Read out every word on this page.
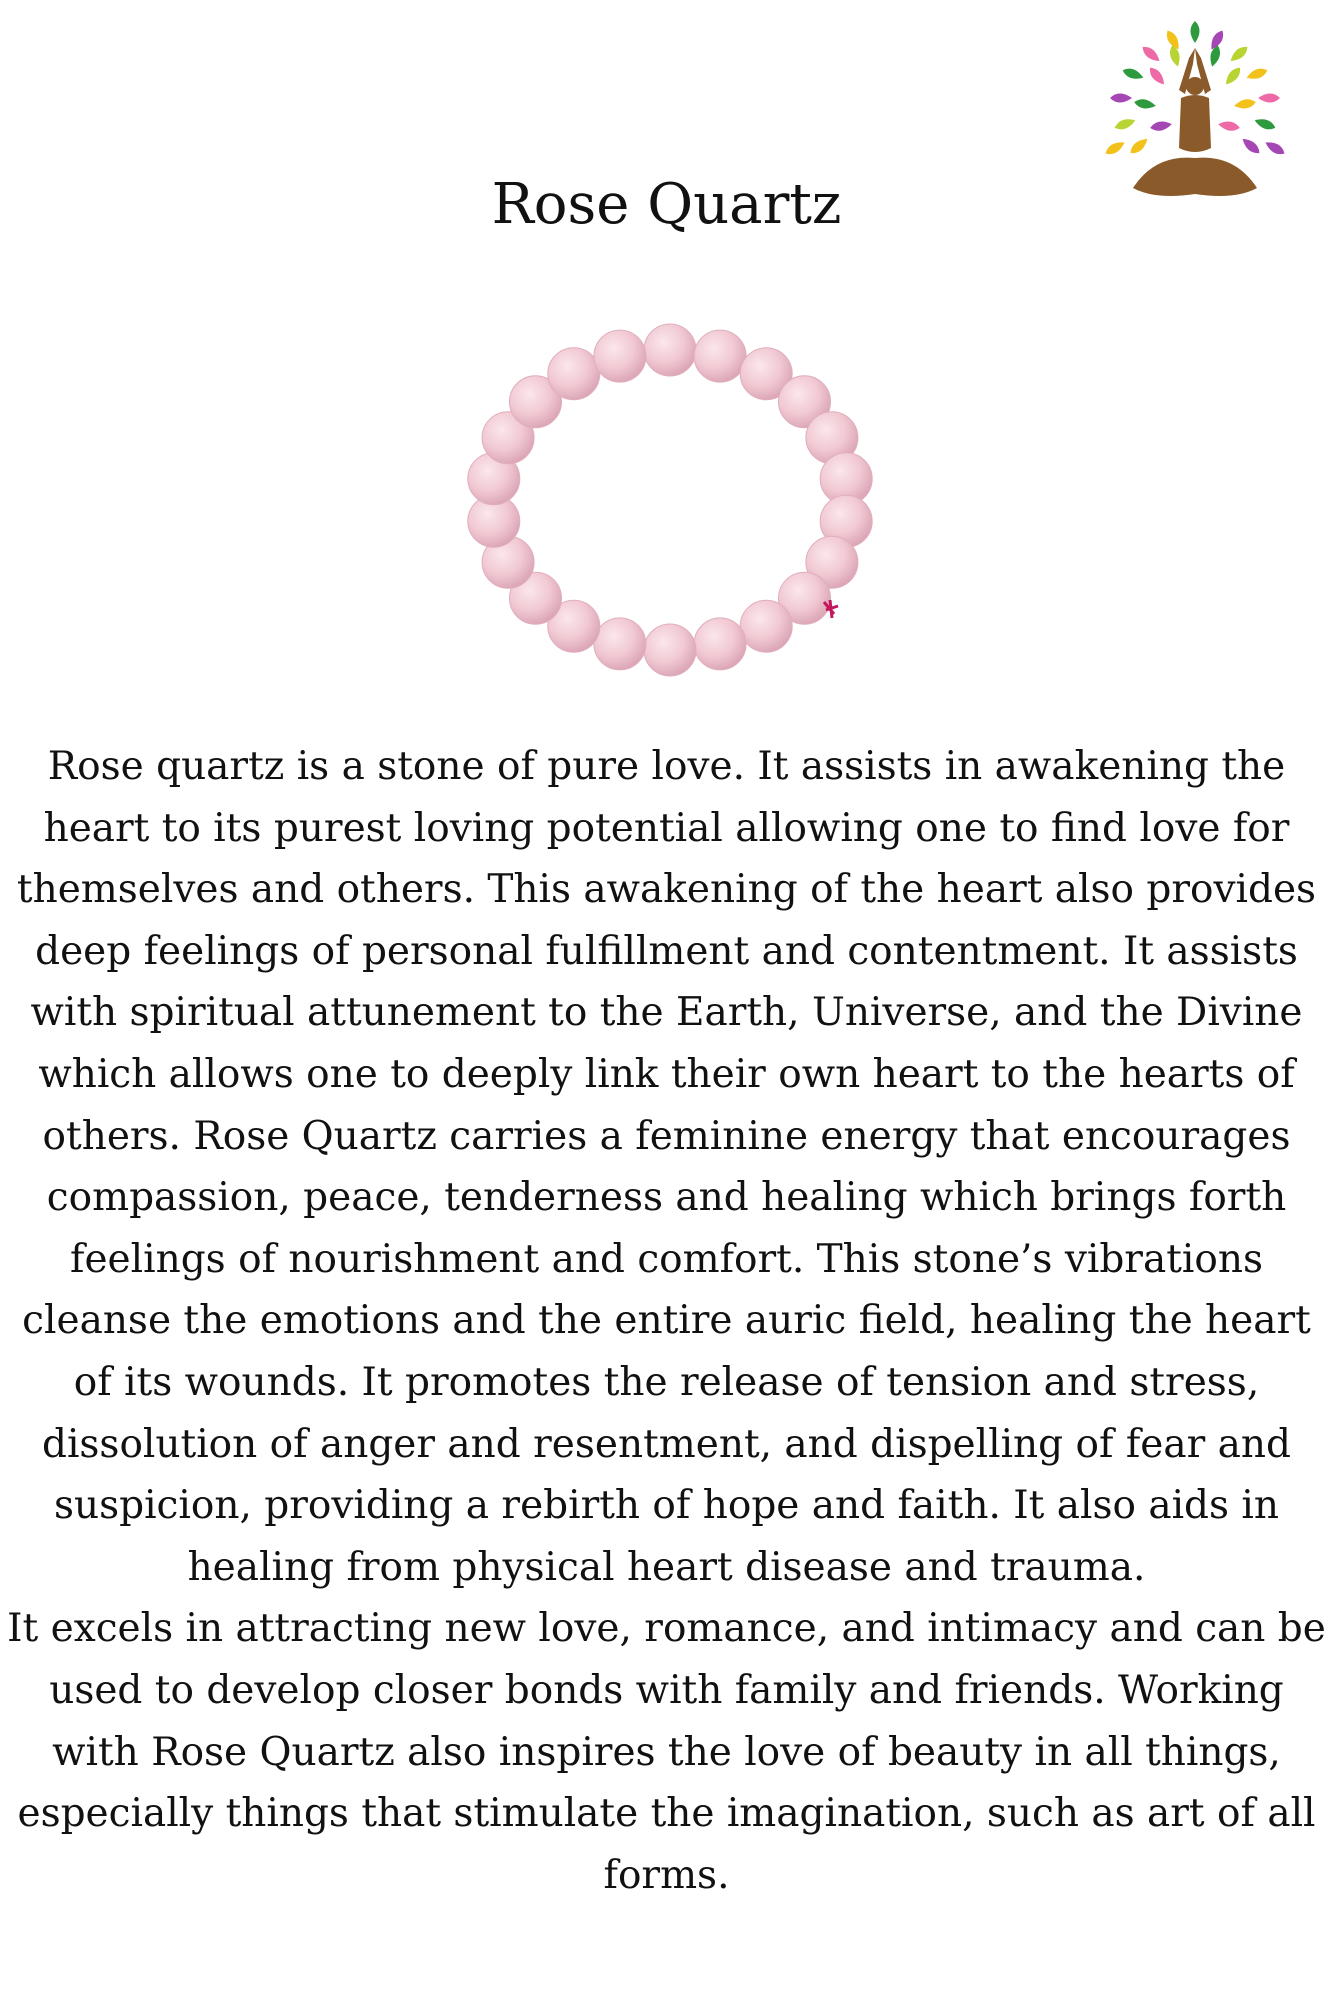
Rose Quartz

Rose quartz is a stone of pure love. It assists in awakening the heart to its purest loving potential allowing one to find love for themselves and others. This awakening of the heart also provides deep feelings of personal fulfillment and contentment. It assists with spiritual attunement to the Earth, Universe, and the Divine which allows one to deeply link their own heart to the hearts of others. Rose Quartz carries a feminine energy that encourages compassion, peace, tenderness and healing which brings forth feelings of nourishment and comfort. This stone’s vibrations cleanse the emotions and the entire auric field, healing the heart of its wounds. It promotes the release of tension and stress, dissolution of anger and resentment, and dispelling of fear and suspicion, providing a rebirth of hope and faith. It also aids in healing from physical heart disease and trauma.

It excels in attracting new love, romance, and intimacy and can be used to develop closer bonds with family and friends. Working with Rose Quartz also inspires the love of beauty in all things, especially things that stimulate the imagination, such as art of all forms.
